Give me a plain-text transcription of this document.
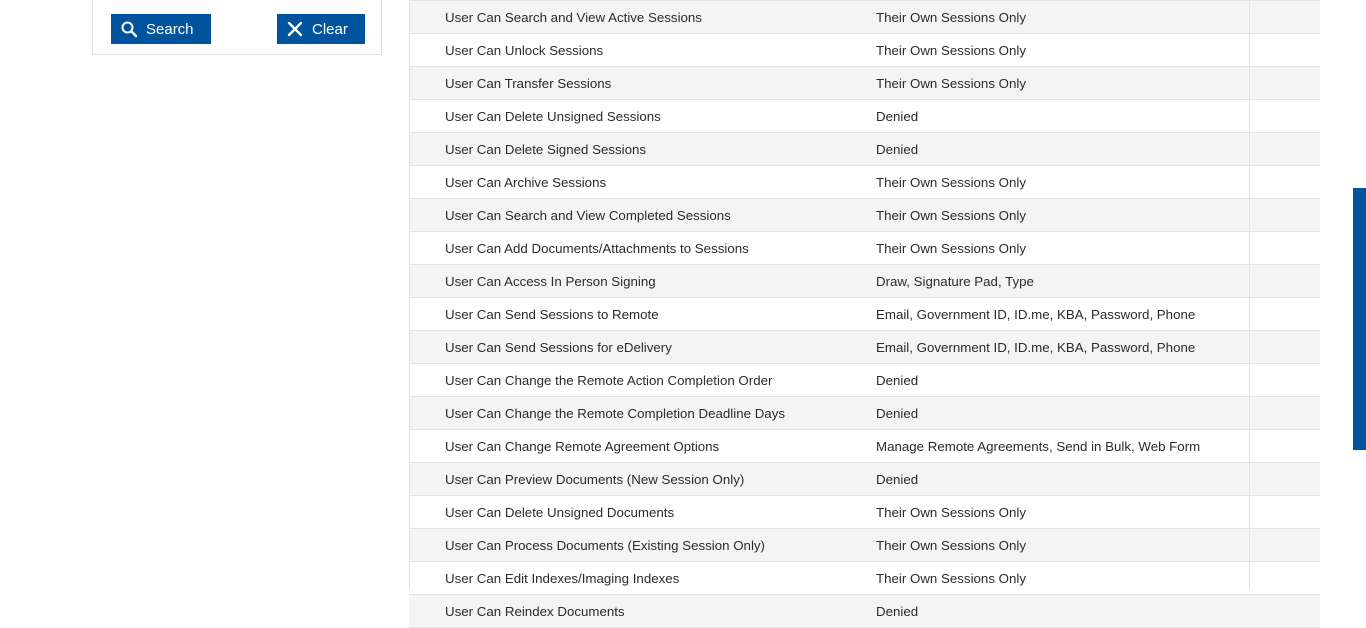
Search	Clear
User Can Search and View Active Sessions	Their Own Sessions Only
User Can Unlock Sessions	Their Own Sessions Only
User Can Transfer Sessions	Their Own Sessions Only
User Can Delete Unsigned Sessions	Denied
User Can Delete Signed Sessions	Denied
User Can Archive Sessions	Their Own Sessions Only
User Can Search and View Completed Sessions	Their Own Sessions Only
User Can Add Documents/Attachments to Sessions	Their Own Sessions Only
User Can Access In Person Signing	Draw, Signature Pad, Type
User Can Send Sessions to Remote	Email, Government ID, ID.me, KBA, Password, Phone
User Can Send Sessions for eDelivery	Email, Government ID, ID.me, KBA, Password, Phone
User Can Change the Remote Action Completion Order	Denied
User Can Change the Remote Completion Deadline Days	Denied
User Can Change Remote Agreement Options	Manage Remote Agreements, Send in Bulk, Web Form
User Can Preview Documents (New Session Only)	Denied
User Can Delete Unsigned Documents	Their Own Sessions Only
User Can Process Documents (Existing Session Only)	Their Own Sessions Only
User Can Edit Indexes/Imaging Indexes	Their Own Sessions Only
User Can Reindex Documents	Denied
